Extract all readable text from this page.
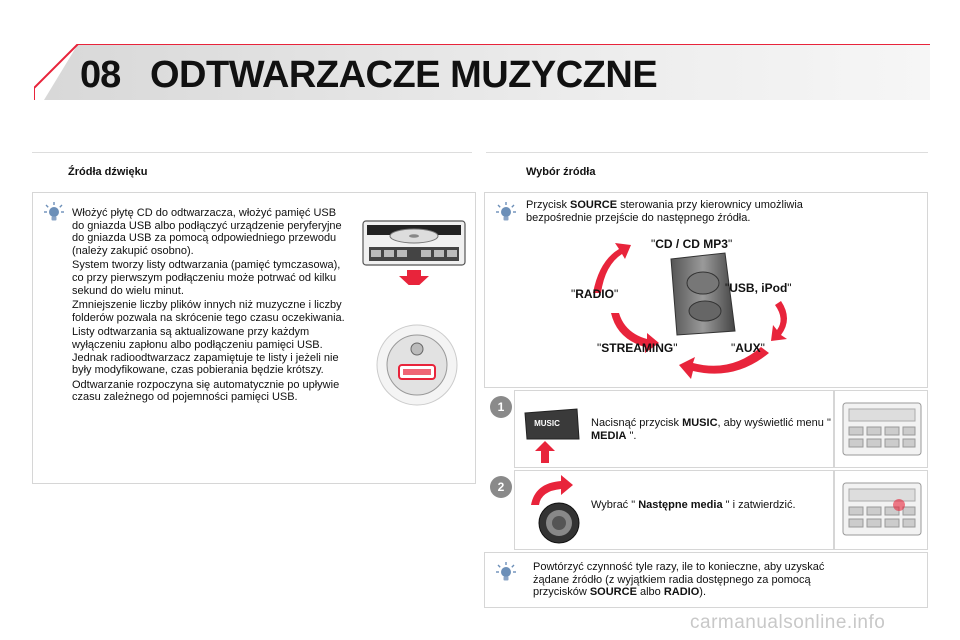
08 ODTWARZACZE MUZYCZNE
Źródła dźwięku

Włożyć płytę CD do odtwarzacza, włożyć pamięć USB do gniazda USB albo podłączyć urządzenie peryferyjne do gniazda USB za pomocą odpowiedniego przewodu (należy zakupić osobno).

System tworzy listy odtwarzania (pamięć tymczasowa), co przy pierwszym podłączeniu może potrwać od kilku sekund do wielu minut.

Zmniejszenie liczby plików innych niż muzyczne i liczby folderów pozwala na skrócenie tego czasu oczekiwania.

Listy odtwarzania są aktualizowane przy każdym wyłączeniu zapłonu albo podłączeniu pamięci USB. Jednak radioodtwarzacz zapamiętuje te listy i jeżeli nie były modyfikowane, czas pobierania będzie krótszy.

Odtwarzanie rozpoczyna się automatycznie po upływie czasu zależnego od pojemności pamięci USB.

Wybór źródła

Przycisk SOURCE sterowania przy kierownicy umożliwia bezpośrednie przejście do następnego źródła.

"CD / CD MP3"
"USB, iPod"
"AUX"
"STREAMING"
"RADIO"
1
MUSIC	Nacisnąć przycisk MUSIC, aby wyświetlić menu " MEDIA ".

2

Wybrać " Następne media " i zatwierdzić.

Powtórzyć czynność tyle razy, ile to konieczne, aby uzyskać żądane źródło (z wyjątkiem radia dostępnego za pomocą przycisków SOURCE albo RADIO).

carmanualsonline.info
